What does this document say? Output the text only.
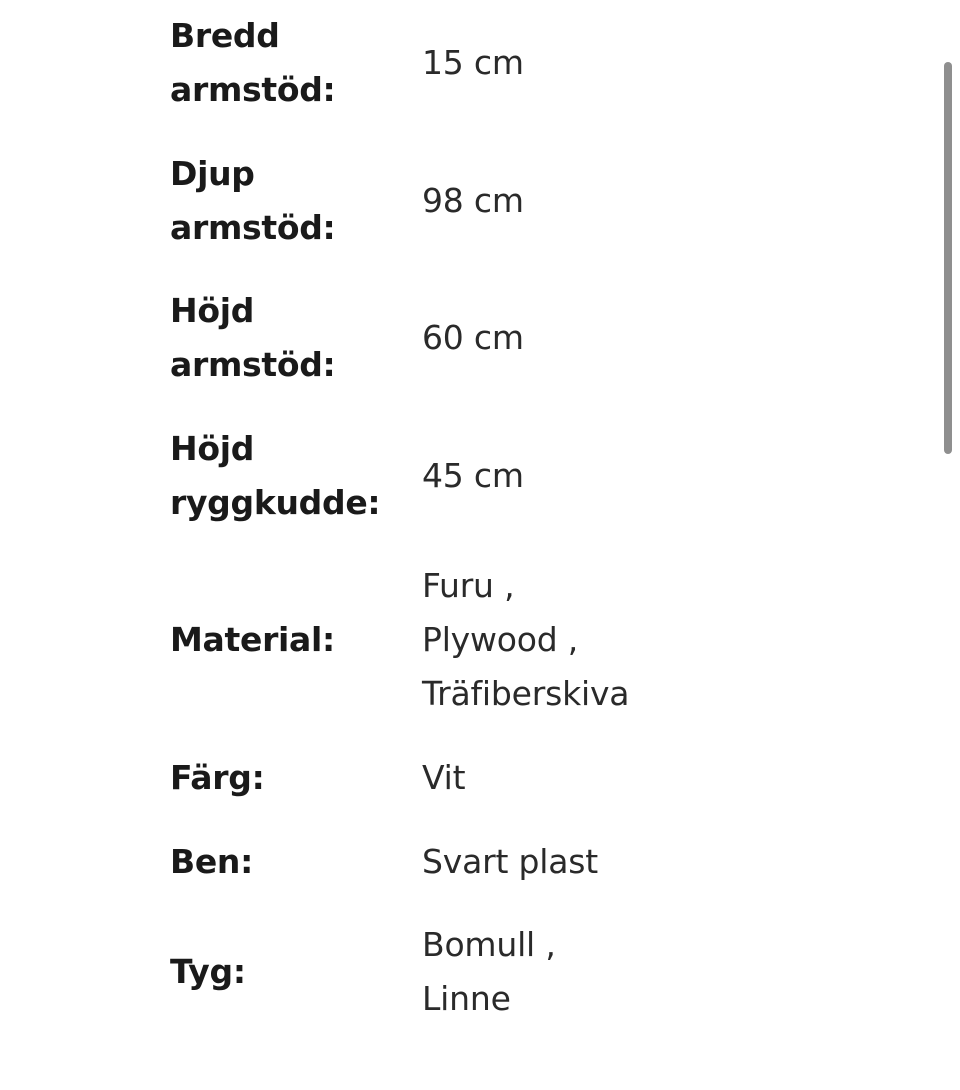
Bredd
armstöd:
15 cm
Djup
armstöd:
98 cm
Höjd
armstöd:
60 cm
Höjd
ryggkudde:
45 cm
Material:
Furu ,
Plywood ,
Träfiberskiva
Färg:	Vit
Ben:	Svart plast
Tyg:
Bomull ,
Linne
